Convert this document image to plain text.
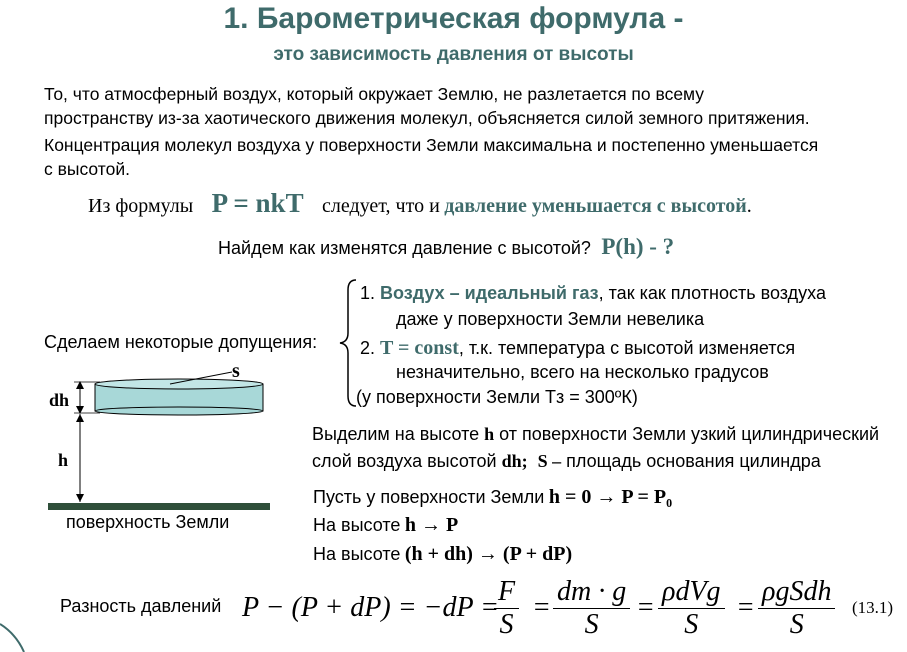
1. Барометрическая формула -
это зависимость давления от высоты
То, что атмосферный воздух, который окружает Землю, не разлетается по всему
пространству из-за хаотического движения молекул, объясняется силой земного притяжения.
Концентрация молекул воздуха у поверхности Земли максимальна и постепенно уменьшается
с высотой.
Из формулы P = nkT следует, что и давление уменьшается с высотой.
Найдем как изменятся давление с высотой? P(h) - ?
Сделаем некоторые допущения:
1. Воздух – идеальный газ, так как плотность воздуха
даже у поверхности Земли невелика
2. T = const, т.к. температура с высотой изменяется
незначительно, всего на несколько градусов
(у поверхности Земли Tз = 300ºК)
s
dh
h
поверхность Земли
Выделим на высоте h от поверхности Земли узкий цилиндрический
слой воздуха высотой dh; S – площадь основания цилиндра
Пусть у поверхности Земли h = 0 → P = P₀
На высоте h → P
На высоте (h + dh) → (P + dP)
Разность давлений P − (P + dP) = −dP =
F
S
=
dm · g
S
=
ρdVg
S
=
ρgSdh
S
(13.1)
